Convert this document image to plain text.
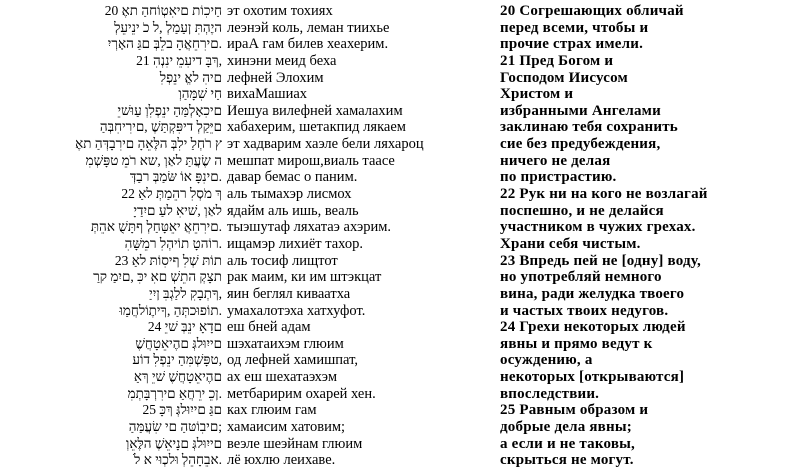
20 אֶת הַחוֹטְאִים תוֹכִיחַ
לְעֵינֵי כֹ ל, לְמַעַן תִּהְיֶה
יִרְאָה גַּם בְּלֵב הָאֲחֵרִים.
21 הִנְנִי מֵעִיד בָּךְ,
לִפְנֵי אֱל הִים
וְהַמָּשִׁ יחַ
יֵשׁוּעַ וְלִפְנֵי הַמַּלְאָכִים
הַבְּחִירִים, שֶׁתַּקְפִּיד לְקַיֵּם
אֶת הַדְּבָרִים הָאֵלֶּה בְּלִי לַחְרֹ ץ
מִשְׁפָּט מֵרֹ אש, וְאַל תַּעֲשֶׂ ה
דְּבַר בְּמַשּׂ וֹא פָּנִים.
22 אַל תְּמַהֵר לִסְמֹ ךְ
יָדַיִם עַל אִישׁ, וְאַל
תְּהֵא שֻׁתָּף לְחַטָּאֵי אֲחֵרִים.
הִשָּׁמֵר לִהְיוֹת טָהוֹר.
23 אַל תּוֹסִיף לִשְׁ תּוֹת
רַק מַיִם, כִּי אִם שְׁתֵה קְצָת
יַיִן בִּגְלַל קִבָתְךָ,
וּמַחֲלוֹתֶיךָ, הַתְּכוּפוֹת.
24 יֵשׁ בְּנֵי אָדָם
שֶׁחֲטָאֵיהֶם גְּלוּיִים
עוֹד לִפְנֵי הַמִּשְׁפָּט,
אַךְ יֵשׁ שֶׁחֲטָאֵיהֶם
מִתְבָּרְרִים אַחֲרֵי כֵן.
25 כָּךְ גְּלוּיִים גַּם
הַמַּעֲשִׂ ים הַטּוֹבִים;
וְאֵלֶּה שֶׁאֵינָם גְּלוּיִים
לֹ א יוּכְלוּ לְהֵחָבֵא.
эт охотим тохиях
леэнэй коль, леман тиихье
ираА гам билев хеахерим.
хинэни меид беха
лефней Элохим
вихаМашиах
Иешуа вилефней хамалахим
хабахерим, шетакпид лякаем
эт хадварим хаэле бели ляхароц
мешпат мирош,виаль таасе
давар бемас о паним.
аль тымахэр лисмох
ядайм аль ишь, веаль
тыэшутаф ляхатаэ ахэрим.
ищамэр лихиёт тахор.
аль тосиф лищтот
рак маим, ки им штэкцат
яин беглял киваатха
умахалотэха хатхуфот.
еш бней адам
шэхатаихэм глюим
од лефней хамишпат,
ах еш шехатаэхэм
метбаририм охарей хен.
ках глюим гам
хамаисим хатовим;
веэле шеэйнам глюим
лё юхлю леихаве.
20 Согрешающих обличай
перед всеми, чтобы и
прочие страх имели.
21 Пред Богом и
Господом Иисусом
Христом и
избранными Ангелами
заклинаю тебя сохранить
сие без предубеждения,
ничего не делая
по пристрастию.
22 Рук ни на кого не возлагай
поспешно, и не делайся
участником в чужих грехах.
Храни себя чистым.
23 Впредь пей не [одну] воду,
но употребляй немного
вина, ради желудка твоего
и частых твоих недугов.
24 Грехи некоторых людей
явны и прямо ведут к
осуждению, а
некоторых [открываются]
впоследствии.
25 Равным образом и
добрые дела явны;
а если и не таковы,
скрыться не могут.
